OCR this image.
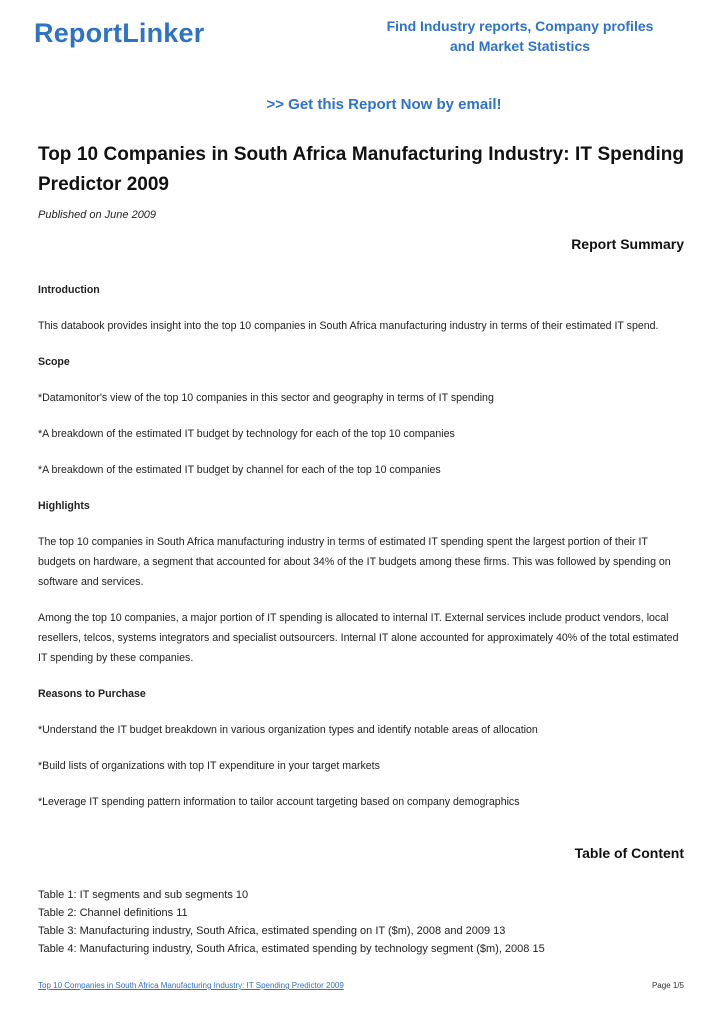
ReportLinker	Find Industry reports, Company profiles
and Market Statistics
>> Get this Report Now by email!
Top 10 Companies in South Africa Manufacturing Industry: IT Spending Predictor 2009
Published on June 2009
Report Summary

Introduction

This databook provides insight into the top 10 companies in South Africa manufacturing industry in terms of their estimated IT spend.

Scope

*Datamonitor's view of the top 10 companies in this sector and geography in terms of IT spending

*A breakdown of the estimated IT budget by technology for each of the top 10 companies

*A breakdown of the estimated IT budget by channel for each of the top 10 companies

Highlights

The top 10 companies in South Africa manufacturing industry in terms of estimated IT spending spent the largest portion of their IT budgets on hardware, a segment that accounted for about 34% of the IT budgets among these firms. This was followed by spending on software and services.

Among the top 10 companies, a major portion of IT spending is allocated to internal IT. External services include product vendors, local resellers, telcos, systems integrators and specialist outsourcers. Internal IT alone accounted for approximately 40% of the total estimated IT spending by these companies.

Reasons to Purchase

*Understand the IT budget breakdown in various organization types and identify notable areas of allocation

*Build lists of organizations with top IT expenditure in your target markets

*Leverage IT spending pattern information to tailor account targeting based on company demographics

Table of Content
Table 1: IT segments and sub segments 10
Table 2: Channel definitions 11
Table 3: Manufacturing industry, South Africa, estimated spending on IT ($m), 2008 and 2009 13
Table 4: Manufacturing industry, South Africa, estimated spending by technology segment ($m), 2008 15
Top 10 Companies in South Africa Manufacturing Industry: IT Spending Predictor 2009	Page 1/5
